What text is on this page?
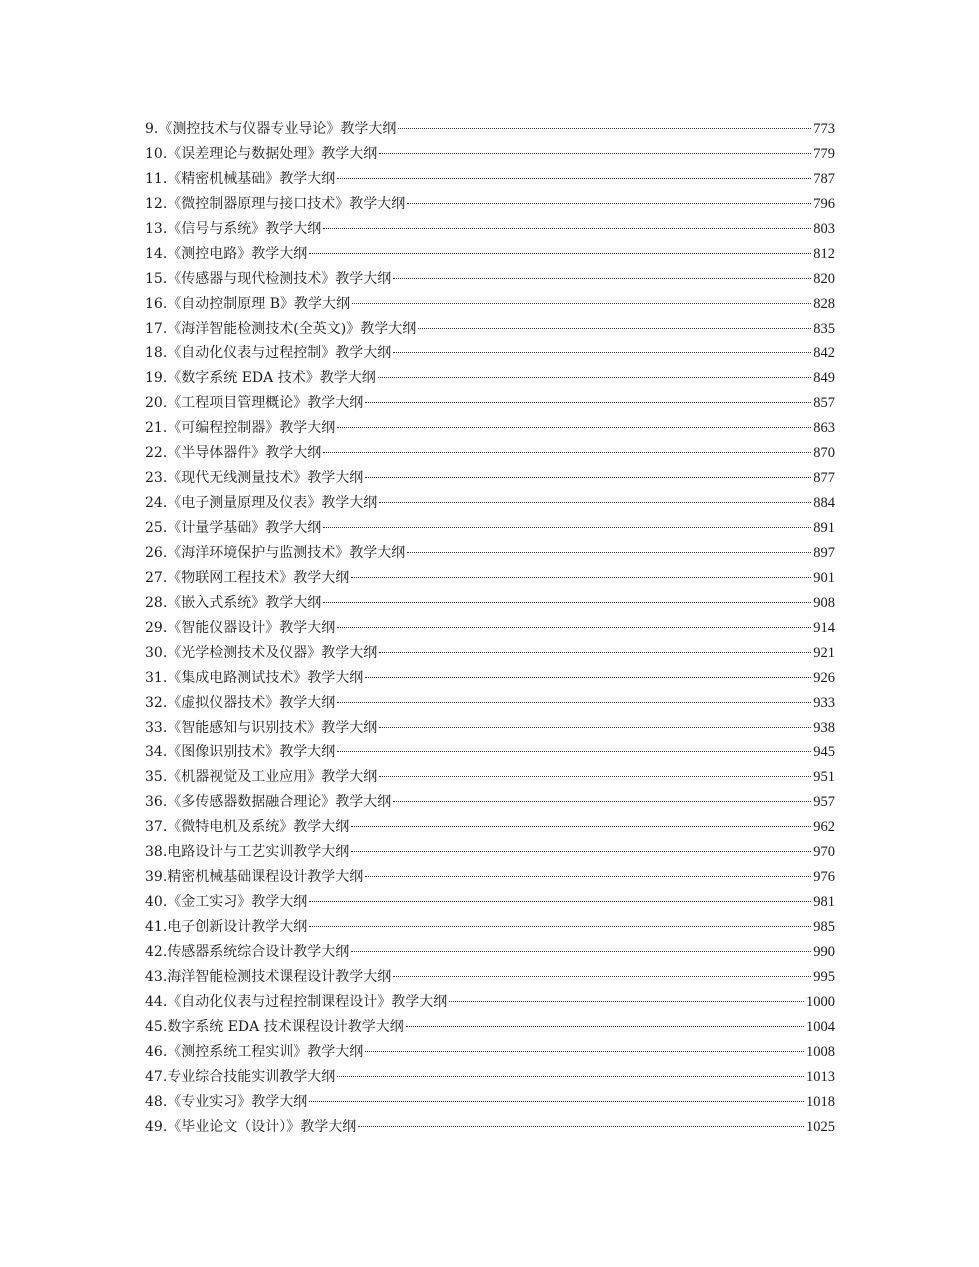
9.《测控技术与仪器专业导论》教学大纲	773
10.《误差理论与数据处理》教学大纲	779
11.《精密机械基础》教学大纲	787
12.《微控制器原理与接口技术》教学大纲	796
13.《信号与系统》教学大纲	803
14.《测控电路》教学大纲	812
15.《传感器与现代检测技术》教学大纲	820
16.《自动控制原理 B》教学大纲	828
17.《海洋智能检测技术(全英文)》教学大纲	835
18.《自动化仪表与过程控制》教学大纲	842
19.《数字系统 EDA 技术》教学大纲	849
20.《工程项目管理概论》教学大纲	857
21.《可编程控制器》教学大纲	863
22.《半导体器件》教学大纲	870
23.《现代无线测量技术》教学大纲	877
24.《电子测量原理及仪表》教学大纲	884
25.《计量学基础》教学大纲	891
26.《海洋环境保护与监测技术》教学大纲	897
27.《物联网工程技术》教学大纲	901
28.《嵌入式系统》教学大纲	908
29.《智能仪器设计》教学大纲	914
30.《光学检测技术及仪器》教学大纲	921
31.《集成电路测试技术》教学大纲	926
32.《虚拟仪器技术》教学大纲	933
33.《智能感知与识别技术》教学大纲	938
34.《图像识别技术》教学大纲	945
35.《机器视觉及工业应用》教学大纲	951
36.《多传感器数据融合理论》教学大纲	957
37.《微特电机及系统》教学大纲	962
38.电路设计与工艺实训教学大纲	970
39.精密机械基础课程设计教学大纲	976
40.《金工实习》教学大纲	981
41.电子创新设计教学大纲	985
42.传感器系统综合设计教学大纲	990
43.海洋智能检测技术课程设计教学大纲	995
44.《自动化仪表与过程控制课程设计》教学大纲	1000
45.数字系统 EDA 技术课程设计教学大纲	1004
46.《测控系统工程实训》教学大纲	1008
47.专业综合技能实训教学大纲	1013
48.《专业实习》教学大纲	1018
49.《毕业论文（设计）》教学大纲	1025
